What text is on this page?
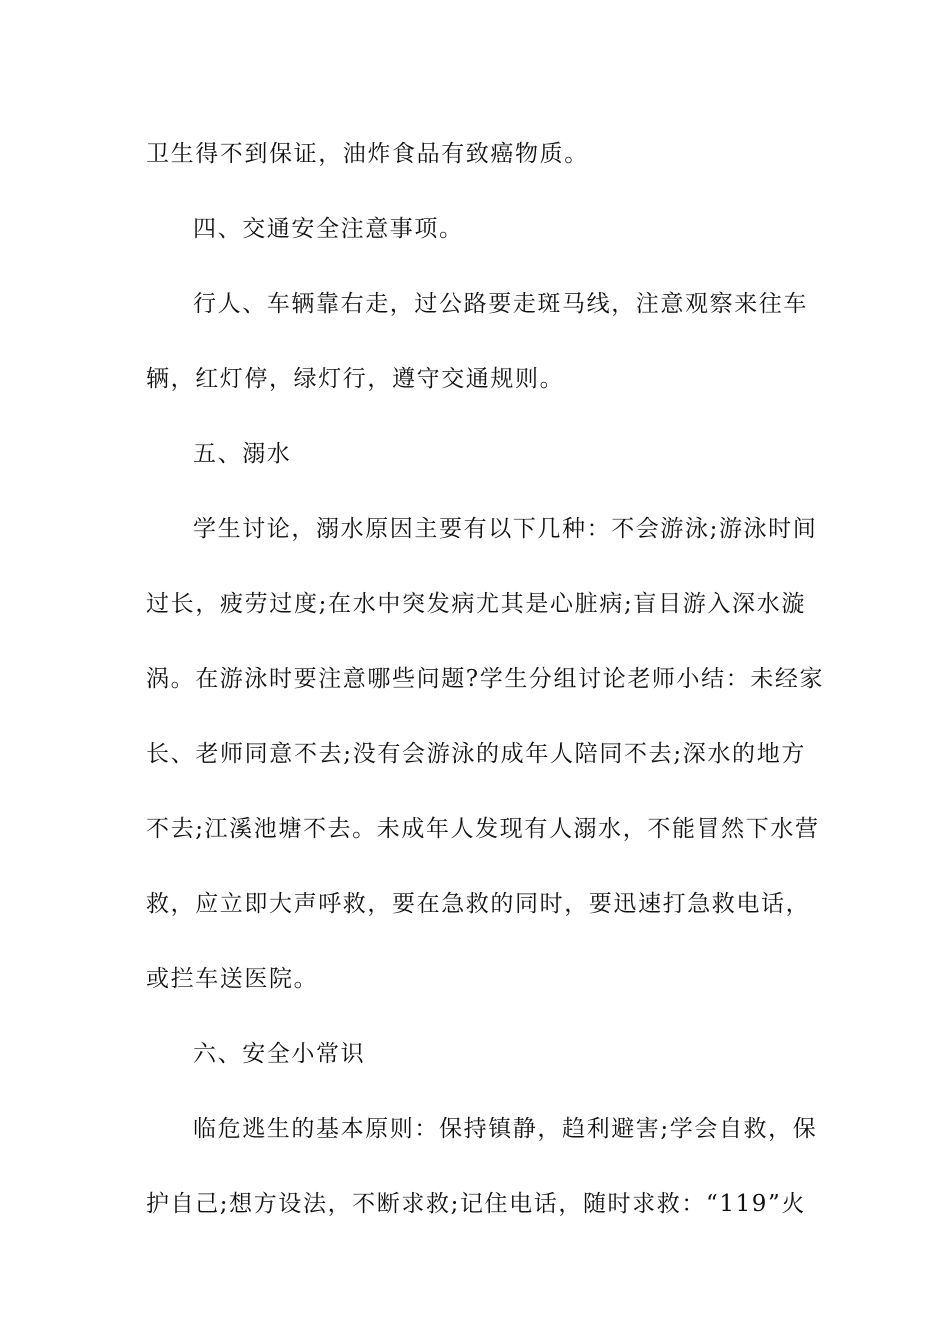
卫生得不到保证，油炸食品有致癌物质。
四、交通安全注意事项。
行人、车辆靠右走，过公路要走斑马线，注意观察来往车
辆，红灯停，绿灯行，遵守交通规则。
五、溺水
学生讨论，溺水原因主要有以下几种：不会游泳;游泳时间
过长，疲劳过度;在水中突发病尤其是心脏病;盲目游入深水漩
涡。在游泳时要注意哪些问题?学生分组讨论老师小结：未经家
长、老师同意不去;没有会游泳的成年人陪同不去;深水的地方
不去;江溪池塘不去。未成年人发现有人溺水，不能冒然下水营
救，应立即大声呼救，要在急救的同时，要迅速打急救电话，
或拦车送医院。
六、安全小常识
临危逃生的基本原则：保持镇静，趋利避害;学会自救，保
护自己;想方设法，不断求救;记住电话，随时求救：“119”火
